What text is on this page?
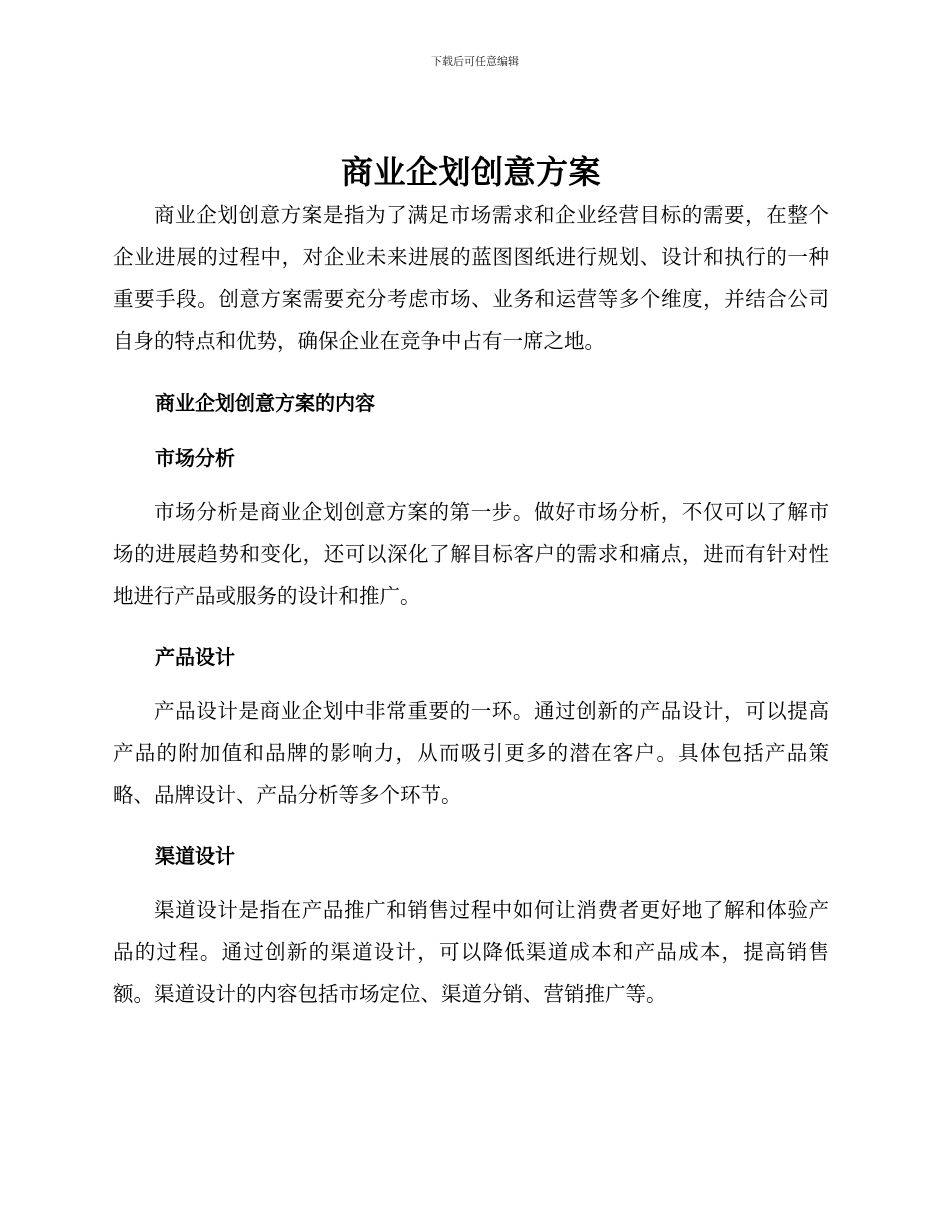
下载后可任意编辑
商业企划创意方案

商业企划创意方案是指为了满足市场需求和企业经营目标的需要，在整个企业进展的过程中，对企业未来进展的蓝图图纸进行规划、设计和执行的一种重要手段。创意方案需要充分考虑市场、业务和运营等多个维度，并结合公司自身的特点和优势，确保企业在竞争中占有一席之地。

商业企划创意方案的内容
市场分析

市场分析是商业企划创意方案的第一步。做好市场分析，不仅可以了解市场的进展趋势和变化，还可以深化了解目标客户的需求和痛点，进而有针对性地进行产品或服务的设计和推广。

产品设计

产品设计是商业企划中非常重要的一环。通过创新的产品设计，可以提高产品的附加值和品牌的影响力，从而吸引更多的潜在客户。具体包括产品策略、品牌设计、产品分析等多个环节。

渠道设计

渠道设计是指在产品推广和销售过程中如何让消费者更好地了解和体验产品的过程。通过创新的渠道设计，可以降低渠道成本和产品成本，提高销售额。渠道设计的内容包括市场定位、渠道分销、营销推广等。
